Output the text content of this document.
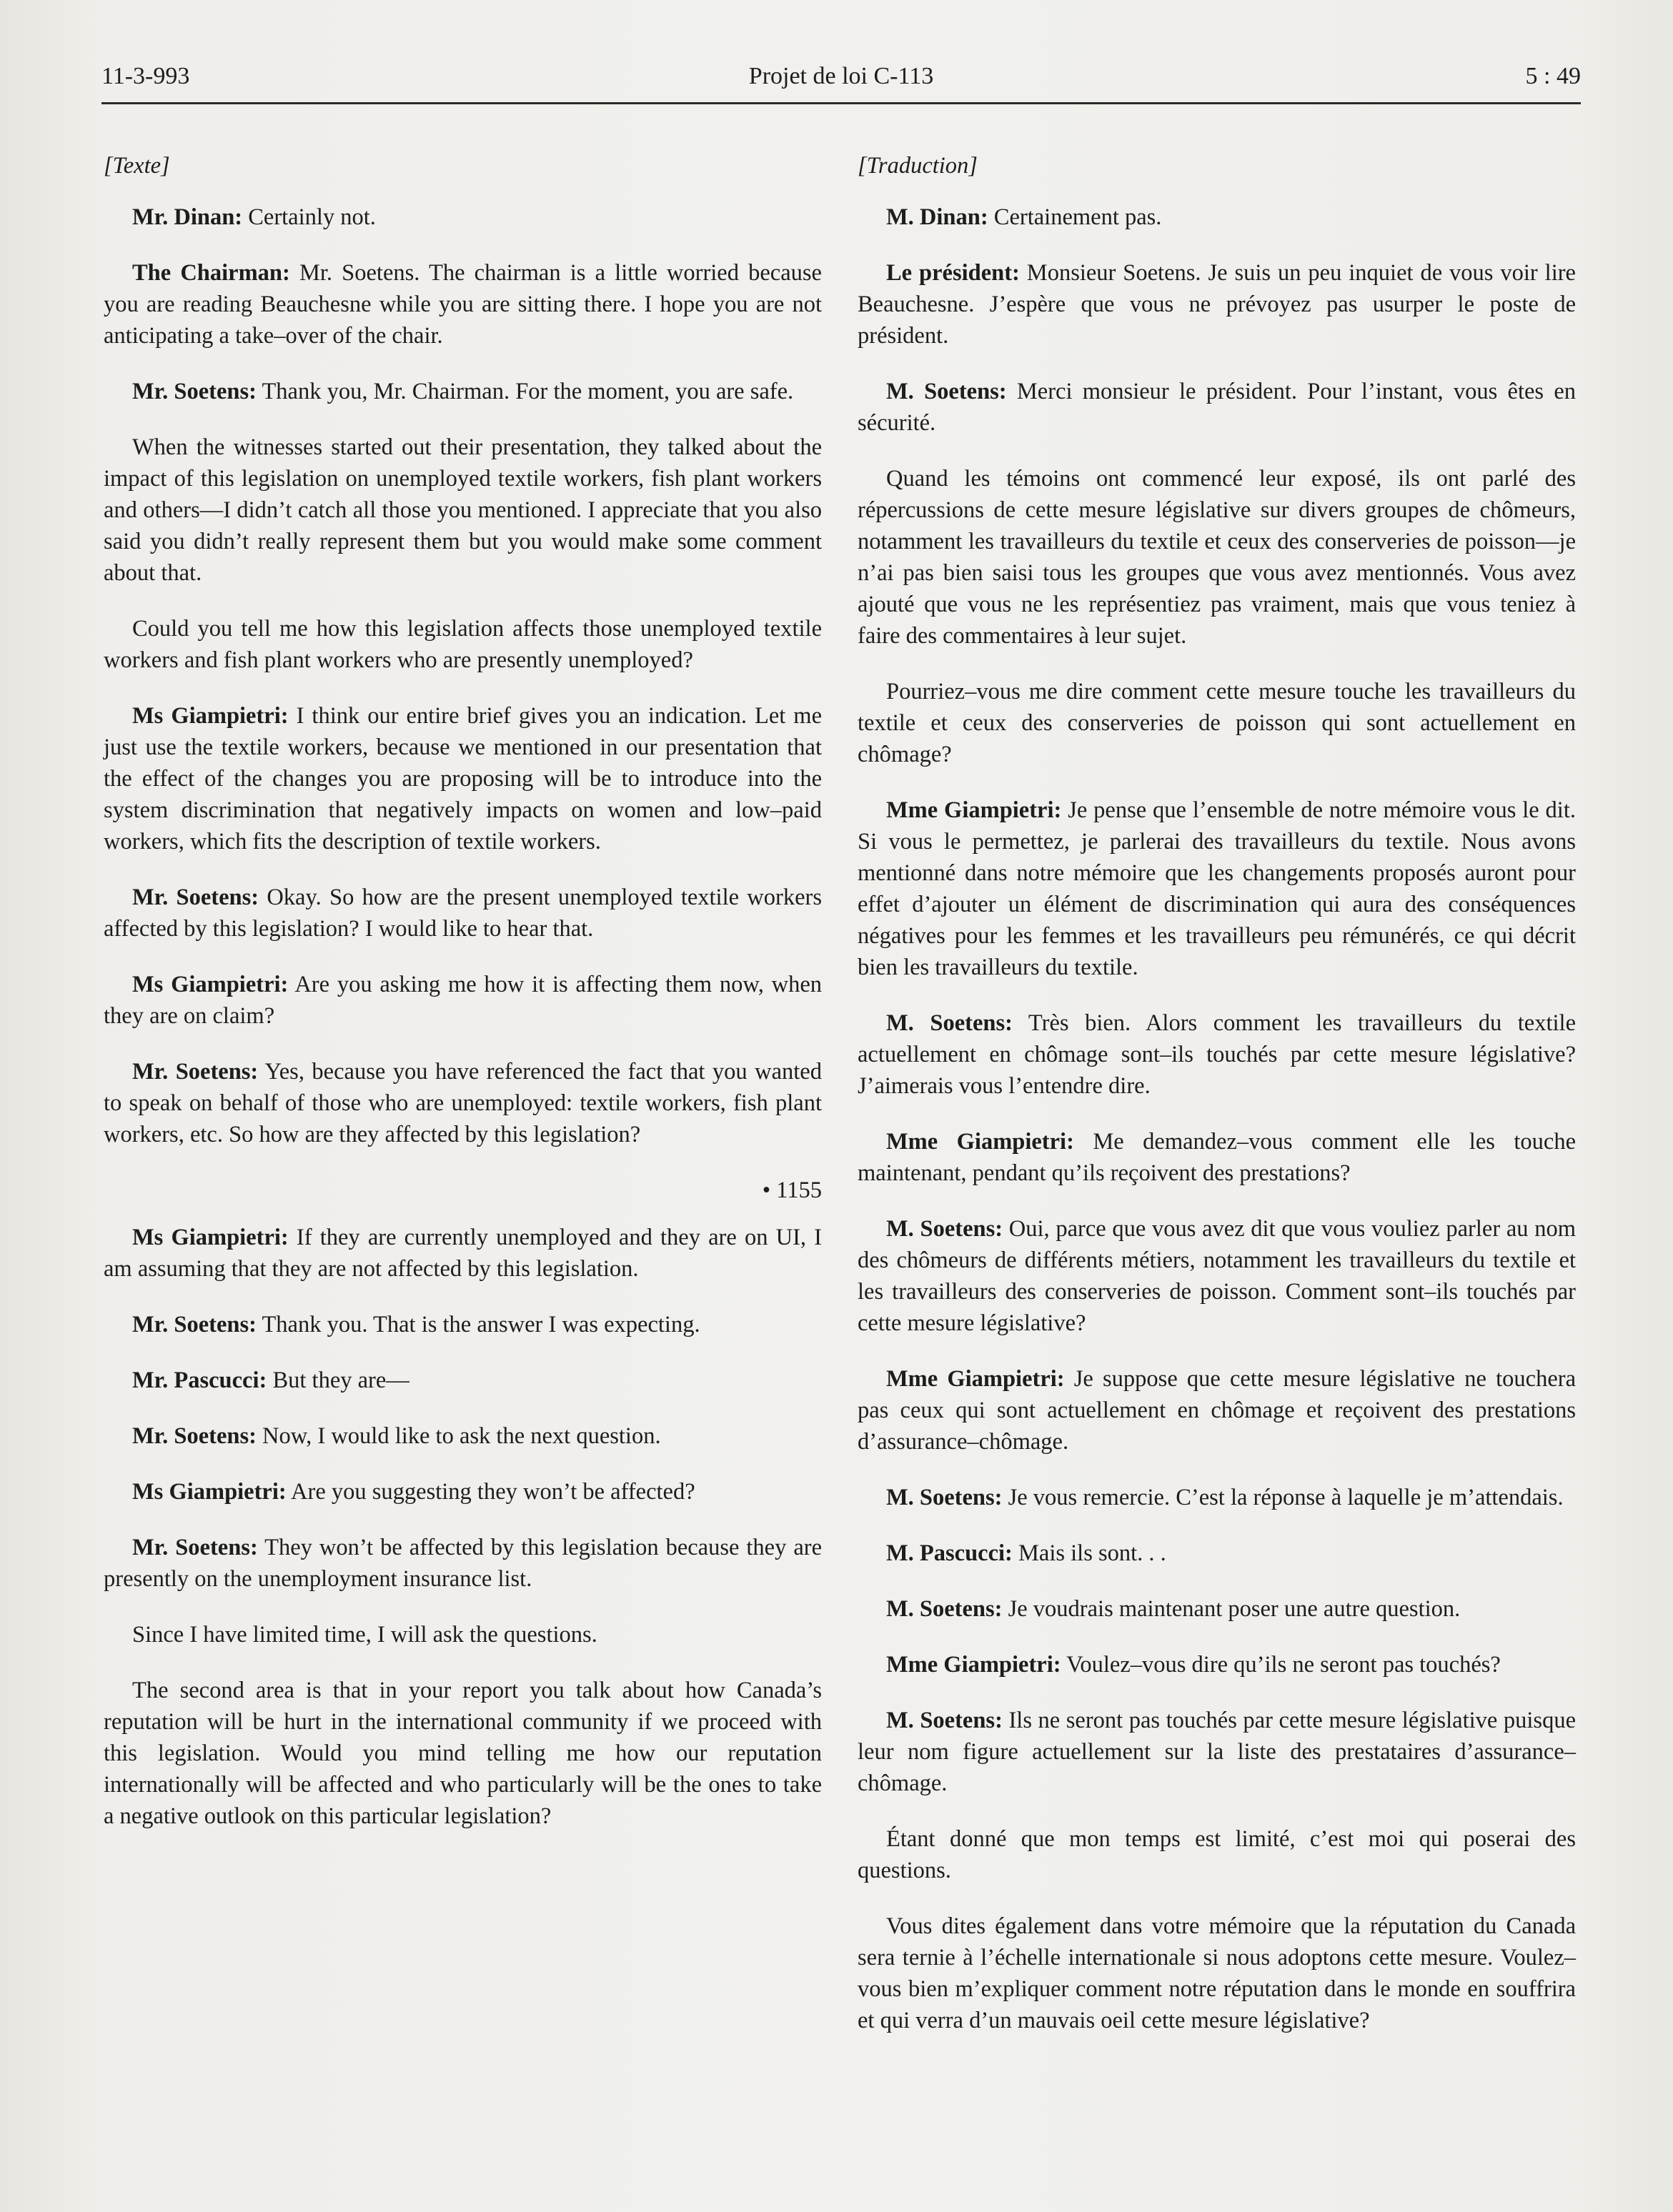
11-3-993	Projet de loi C-113	5 : 49
[Texte]

Mr. Dinan: Certainly not.

The Chairman: Mr. Soetens. The chairman is a little worried because you are reading Beauchesne while you are sitting there. I hope you are not anticipating a take–over of the chair.

Mr. Soetens: Thank you, Mr. Chairman. For the moment, you are safe.

When the witnesses started out their presentation, they talked about the impact of this legislation on unemployed textile workers, fish plant workers and others—I didn’t catch all those you mentioned. I appreciate that you also said you didn’t really represent them but you would make some comment about that.

Could you tell me how this legislation affects those unemployed textile workers and fish plant workers who are presently unemployed?

Ms Giampietri: I think our entire brief gives you an indication. Let me just use the textile workers, because we mentioned in our presentation that the effect of the changes you are proposing will be to introduce into the system discrimination that negatively impacts on women and low–paid workers, which fits the description of textile workers.

Mr. Soetens: Okay. So how are the present unemployed textile workers affected by this legislation? I would like to hear that.

Ms Giampietri: Are you asking me how it is affecting them now, when they are on claim?

Mr. Soetens: Yes, because you have referenced the fact that you wanted to speak on behalf of those who are unemployed: textile workers, fish plant workers, etc. So how are they affected by this legislation?

• 1155

Ms Giampietri: If they are currently unemployed and they are on UI, I am assuming that they are not affected by this legislation.

Mr. Soetens: Thank you. That is the answer I was expecting.

Mr. Pascucci: But they are—

Mr. Soetens: Now, I would like to ask the next question.

Ms Giampietri: Are you suggesting they won’t be affected?

Mr. Soetens: They won’t be affected by this legislation because they are presently on the unemployment insurance list.

Since I have limited time, I will ask the questions.

The second area is that in your report you talk about how Canada’s reputation will be hurt in the international community if we proceed with this legislation. Would you mind telling me how our reputation internationally will be affected and who particularly will be the ones to take a negative outlook on this particular legislation?

[Traduction]

M. Dinan: Certainement pas.

Le président: Monsieur Soetens. Je suis un peu inquiet de vous voir lire Beauchesne. J’espère que vous ne prévoyez pas usurper le poste de président.

M. Soetens: Merci monsieur le président. Pour l’instant, vous êtes en sécurité.

Quand les témoins ont commencé leur exposé, ils ont parlé des répercussions de cette mesure législative sur divers groupes de chômeurs, notamment les travailleurs du textile et ceux des conserveries de poisson—je n’ai pas bien saisi tous les groupes que vous avez mentionnés. Vous avez ajouté que vous ne les représentiez pas vraiment, mais que vous teniez à faire des commentaires à leur sujet.

Pourriez–vous me dire comment cette mesure touche les travailleurs du textile et ceux des conserveries de poisson qui sont actuellement en chômage?

Mme Giampietri: Je pense que l’ensemble de notre mémoire vous le dit. Si vous le permettez, je parlerai des travailleurs du textile. Nous avons mentionné dans notre mémoire que les changements proposés auront pour effet d’ajouter un élément de discrimination qui aura des conséquences négatives pour les femmes et les travailleurs peu rémunérés, ce qui décrit bien les travailleurs du textile.

M. Soetens: Très bien. Alors comment les travailleurs du textile actuellement en chômage sont–ils touchés par cette mesure législative? J’aimerais vous l’entendre dire.

Mme Giampietri: Me demandez–vous comment elle les touche maintenant, pendant qu’ils reçoivent des prestations?

M. Soetens: Oui, parce que vous avez dit que vous vouliez parler au nom des chômeurs de différents métiers, notamment les travailleurs du textile et les travailleurs des conserveries de poisson. Comment sont–ils touchés par cette mesure législative?

Mme Giampietri: Je suppose que cette mesure législative ne touchera pas ceux qui sont actuellement en chômage et reçoivent des prestations d’assurance–chômage.

M. Soetens: Je vous remercie. C’est la réponse à laquelle je m’attendais.

M. Pascucci: Mais ils sont. . .

M. Soetens: Je voudrais maintenant poser une autre question.

Mme Giampietri: Voulez–vous dire qu’ils ne seront pas touchés?

M. Soetens: Ils ne seront pas touchés par cette mesure législative puisque leur nom figure actuellement sur la liste des prestataires d’assurance–chômage.

Étant donné que mon temps est limité, c’est moi qui poserai des questions.

Vous dites également dans votre mémoire que la réputation du Canada sera ternie à l’échelle internationale si nous adoptons cette mesure. Voulez–vous bien m’expliquer comment notre réputation dans le monde en souffrira et qui verra d’un mauvais oeil cette mesure législative?
